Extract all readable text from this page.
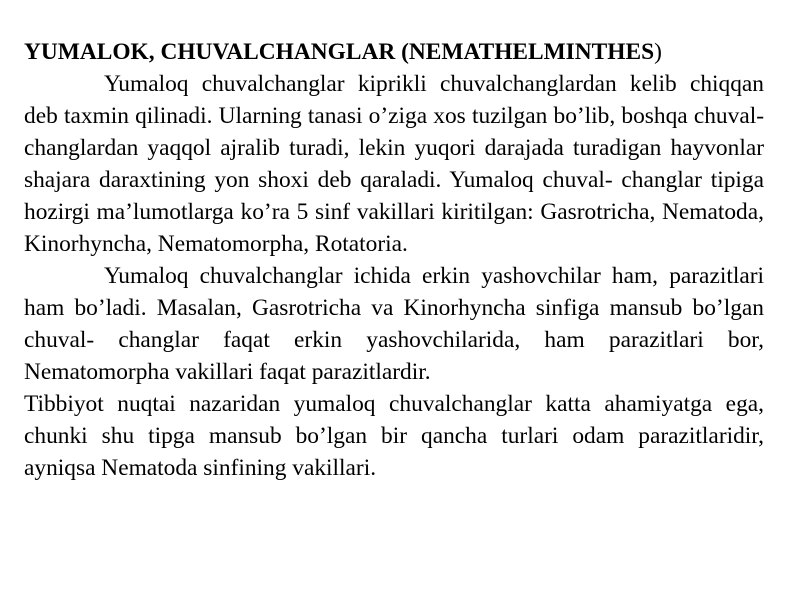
YUMALOK, CHUVALCHANGLAR (NEMATHELMINTHES)

Yumaloq chuvalchanglar kiprikli chuvalchanglardan kelib chiqqan deb taxmin qilinadi. Ularning tanasi o’ziga xos tuzilgan bo’lib, boshqa chuval- changlardan yaqqol ajralib turadi, lekin yuqori darajada turadigan hayvonlar shajara daraxtining yon shoxi deb qaraladi. Yumaloq chuval- changlar tipiga hozirgi ma’lumotlarga ko’ra 5 sinf vakillari kiritilgan: Gasrotricha, Nematoda, Kinorhyncha, Nematomorpha, Rotatoria.

Yumaloq chuvalchanglar ichida erkin yashovchilar ham, parazitlari ham bo’ladi. Masalan, Gasrotricha va Kinorhyncha sinfiga mansub bo’lgan chuval- changlar faqat erkin yashovchilarida, ham parazitlari bor, Nematomorpha vakillari faqat parazitlardir.

Tibbiyot nuqtai nazaridan yumaloq chuvalchanglar katta ahamiyatga ega, chunki shu tipga mansub bo’lgan bir qancha turlari odam parazitlaridir, ayniqsa Nematoda sinfining vakillari.
